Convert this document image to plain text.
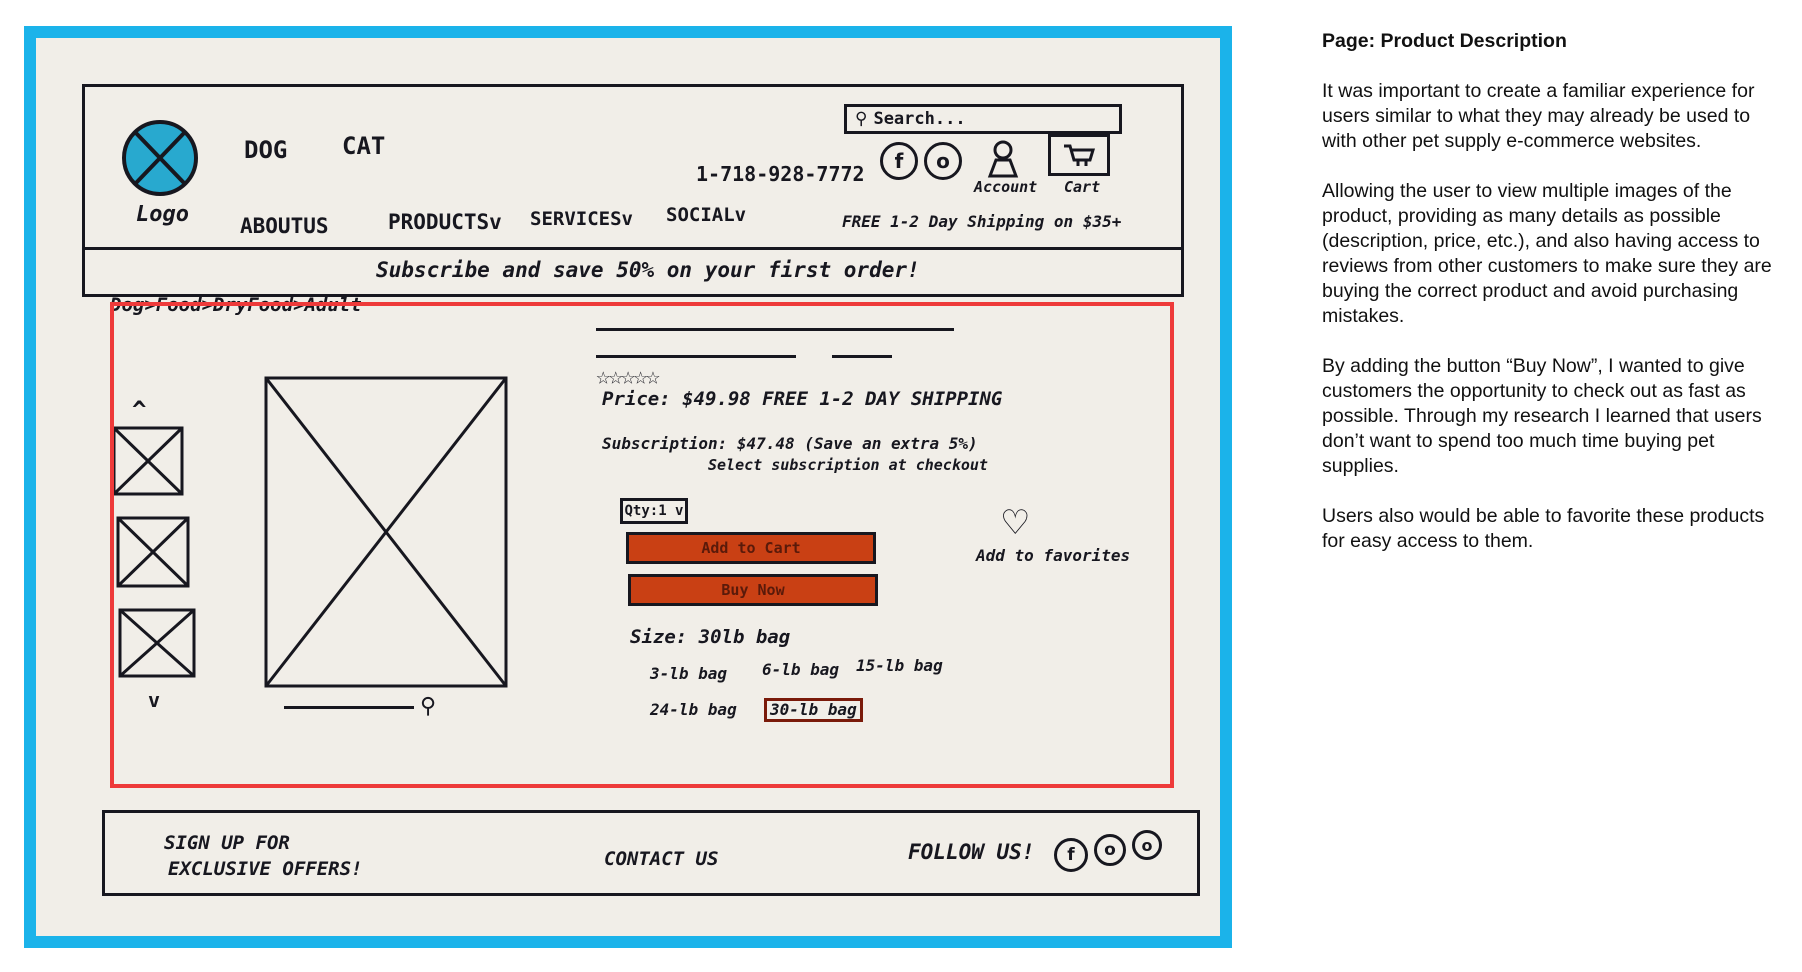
Logo
DOG CAT
ABOUTUS	PRODUCTSv SERVICESv SOCIALv
1-718-928-7772
⚲ Search...
f	o
Account Cart
FREE 1-2 Day Shipping on $35+
Subscribe and save 50% on your first order!
Dog>Food>DryFood>Adult
^
v	⚲
☆☆☆☆☆
Price: $49.98 FREE 1-2 DAY SHIPPING
Subscription: $47.48 (Save an extra 5%)
Select subscription at checkout
Qty:1 v
Add to Cart
Buy Now
♡
Add to favorites
Size: 30lb bag
3-lb bag 6-lb bag 15-lb bag
24-lb bag	30-lb bag
SIGN UP FOR
EXCLUSIVE OFFERS!	CONTACT US	FOLLOW US!	f	o	o
Page: Product Description

It was important to create a familiar experience for users similar to what they may already be used to with other pet supply e-commerce websites.

Allowing the user to view multiple images of the product, providing as many details as possible (description, price, etc.), and also having access to reviews from other customers to make sure they are buying the correct product and avoid purchasing mistakes.

By adding the button “Buy Now”, I wanted to give customers the opportunity to check out as fast as possible. Through my research I learned that users don’t want to spend too much time buying pet supplies.

Users also would be able to favorite these products for easy access to them.
